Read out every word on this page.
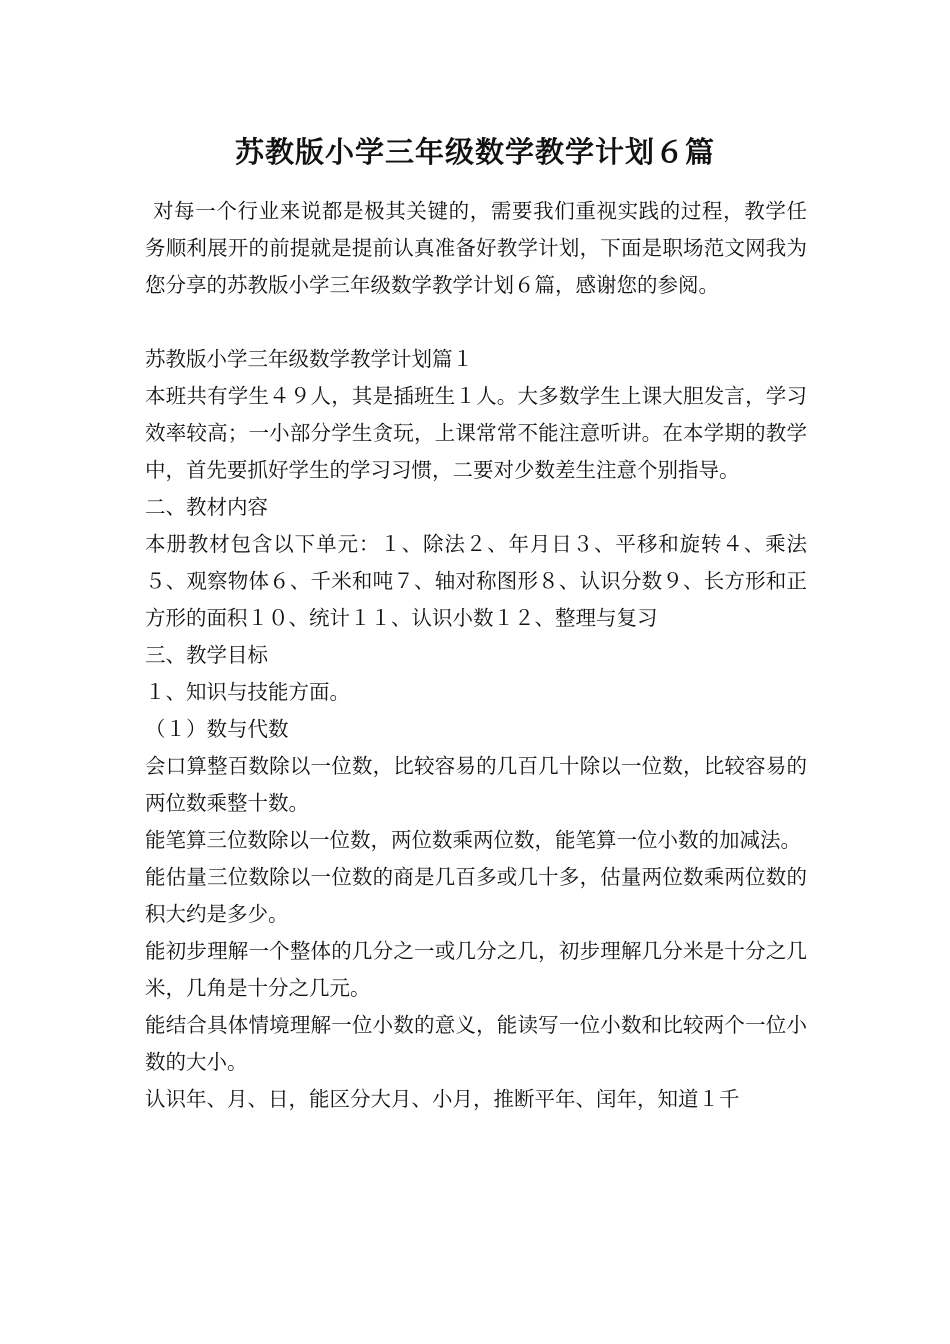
苏教版小学三年级数学教学计划６篇

对每一个行业来说都是极其关键的，需要我们重视实践的过程，教学任务顺利展开的前提就是提前认真准备好教学计划，下面是职场范文网我为您分享的苏教版小学三年级数学教学计划６篇，感谢您的参阅。

苏教版小学三年级数学教学计划篇１

本班共有学生４９人，其是插班生１人。大多数学生上课大胆发言，学习效率较高；一小部分学生贪玩，上课常常不能注意听讲。在本学期的教学中，首先要抓好学生的学习习惯，二要对少数差生注意个别指导。

二、教材内容

本册教材包含以下单元：１、除法２、年月日３、平移和旋转４、乘法５、观察物体６、千米和吨７、轴对称图形８、认识分数９、长方形和正方形的面积１０、统计１１、认识小数１２、整理与复习

三、教学目标

１、知识与技能方面。

（１）数与代数

会口算整百数除以一位数，比较容易的几百几十除以一位数，比较容易的两位数乘整十数。

能笔算三位数除以一位数，两位数乘两位数，能笔算一位小数的加减法。

能估量三位数除以一位数的商是几百多或几十多，估量两位数乘两位数的积大约是多少。

能初步理解一个整体的几分之一或几分之几，初步理解几分米是十分之几米，几角是十分之几元。

能结合具体情境理解一位小数的意义，能读写一位小数和比较两个一位小数的大小。

认识年、月、日，能区分大月、小月，推断平年、闰年，知道１千
